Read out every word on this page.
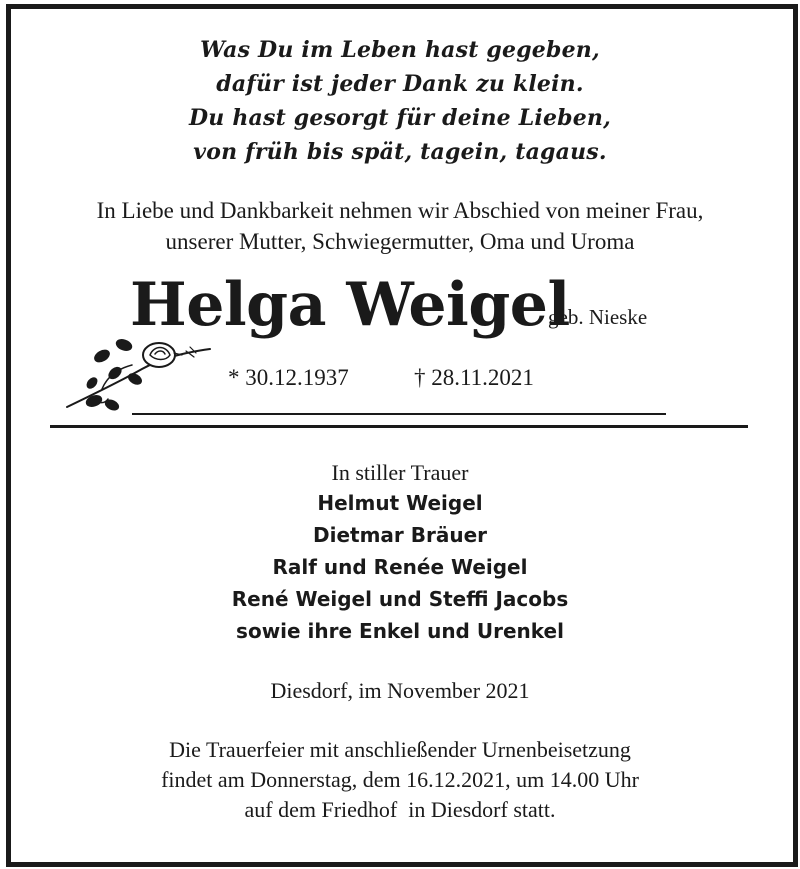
Was Du im Leben hast gegeben,
dafür ist jeder Dank zu klein.
Du hast gesorgt für deine Lieben,
von früh bis spät, tagein, tagaus.
In Liebe und Dankbarkeit nehmen wir Abschied von meiner Frau,
unserer Mutter, Schwiegermutter, Oma und Uroma
Helga Weigel
geb. Nieske
* 30.12.1937	† 28.11.2021
In stiller Trauer
Helmut Weigel
Dietmar Bräuer
Ralf und Renée Weigel
René Weigel und Steffi Jacobs
sowie ihre Enkel und Urenkel
Diesdorf, im November 2021
Die Trauerfeier mit anschließender Urnenbeisetzung
findet am Donnerstag, dem 16.12.2021, um 14.00 Uhr
auf dem Friedhof  in Diesdorf statt.
